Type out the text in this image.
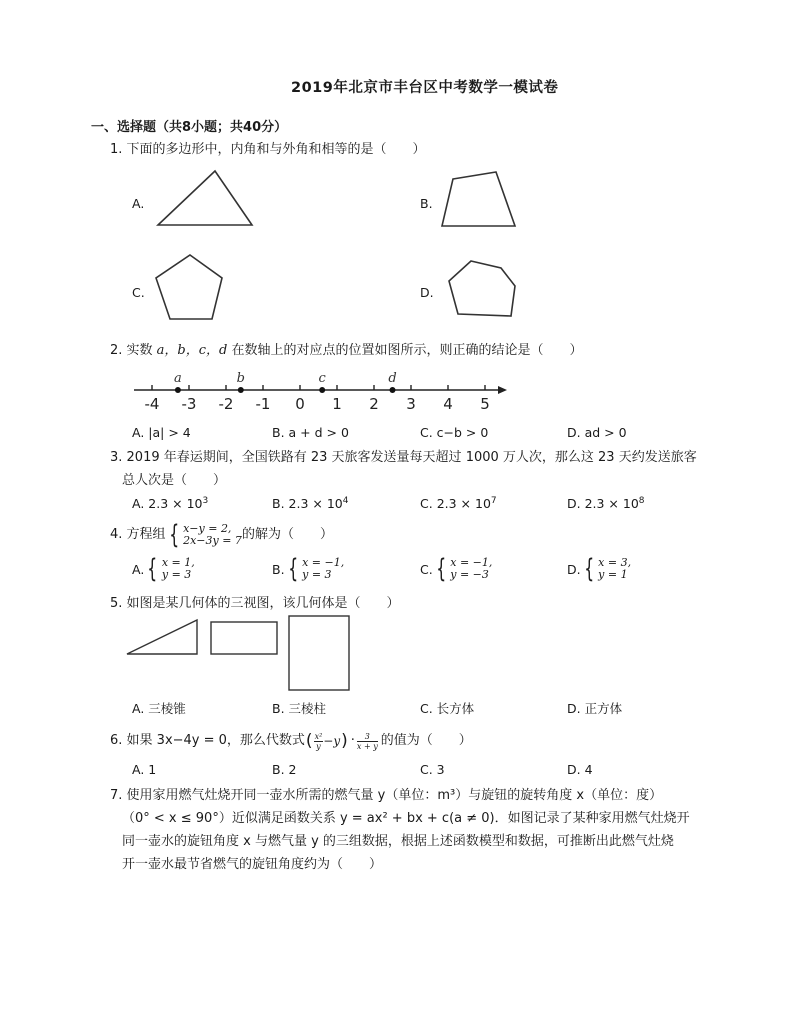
2019年北京市丰台区中考数学一模试卷
一、选择题（共8小题；共40分）
1. 下面的多边形中，内角和与外角和相等的是（　　）
A.	B.
C.	D.
2. 实数 a，b，c，d 在数轴上的对应点的位置如图所示，则正确的结论是（　　）
-4 -3 -2 -1 0 1 2 3 4 5
a	b	c	d
A. |a| > 4	B. a + d > 0	C. c−b > 0	D. ad > 0
3. 2019 年春运期间，全国铁路有 23 天旅客发送量每天超过 1000 万人次，那么这 23 天约发送旅客
总人次是（　　）
A. $2.3 \times 10^3$	B. $2.3 \times 10^4$	C. $2.3 \times 10^7$	D. $2.3 \times 10^8$
4. 方程组 { x−y = 2,
2x−3y = 7 的解为（　　）
A. { x = 1,
y = 3	B. { x = −1,
y = 3	C. { x = −1,
y = −3	D. { x = 3,
y = 1
5. 如图是某几何体的三视图，该几何体是（　　）
A. 三棱锥	B. 三棱柱	C. 长方体	D. 正方体
6. 如果 3x−4y = 0，那么代数式 ( $\frac{\text{x²}}{y} -y$ ) · $\frac{3}{x + y}$ 的值为（　　）
A. 1	B. 2	C. 3	D. 4
7. 使用家用燃气灶烧开同一壶水所需的燃气量 y（单位：m³）与旋钮的旋转角度 x（单位：度）
（0° < x ≤ 90°）近似满足函数关系 y = ax² + bx + c(a ≠ 0)．如图记录了某种家用燃气灶烧开
同一壶水的旋钮角度 x 与燃气量 y 的三组数据，根据上述函数模型和数据，可推断出此燃气灶烧
开一壶水最节省燃气的旋钮角度约为（　　）
